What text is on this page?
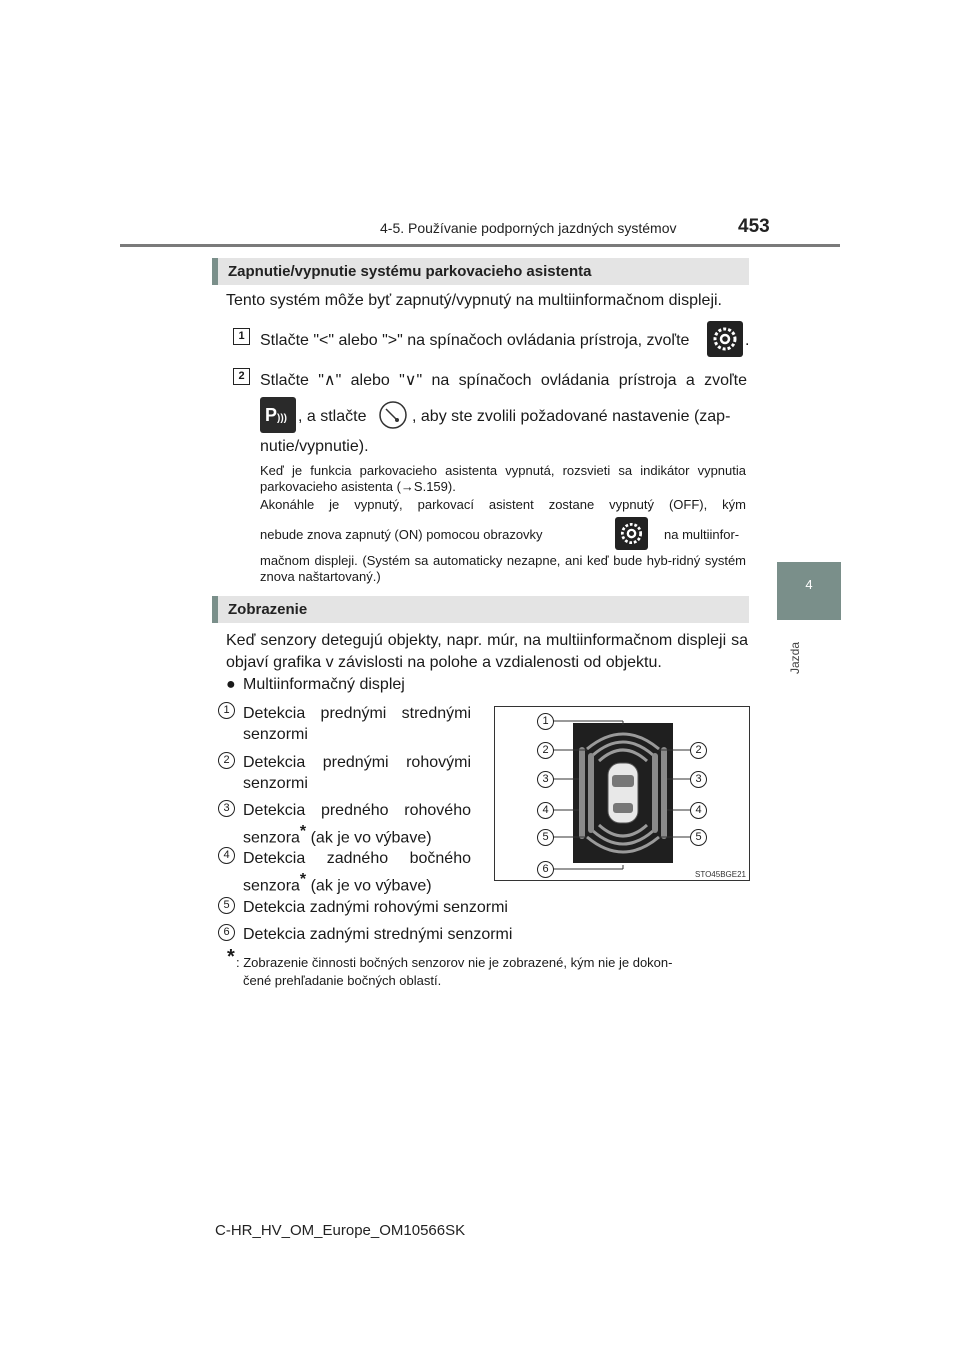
4-5. Používanie podporných jazdných systémov	453
4
Jazda
Zapnutie/vypnutie systému parkovacieho asistenta
Tento systém môže byť zapnutý/vypnutý na multiinformačnom displeji.
1 Stlačte "<" alebo ">" na spínačoch ovládania prístroja, zvoľte	.
2 Stlačte "∧" alebo "∨" na spínačoch ovládania prístroja a zvoľte
P))) , a stlačte	, aby ste zvolili požadované nastavenie (zap-
nutie/vypnutie).
Keď je funkcia parkovacieho asistenta vypnutá, rozsvieti sa indikátor vypnutia parkovacieho asistenta (→S.159).
Akonáhle je vypnutý, parkovací asistent zostane vypnutý (OFF), kým
nebude znova zapnutý (ON) pomocou obrazovky	na multiinfor-
mačnom displeji. (Systém sa automaticky nezapne, ani keď bude hyb-ridný systém znova naštartovaný.)
Zobrazenie
Keď senzory detegujú objekty, napr. múr, na multiinformačnom displeji sa objaví grafika v závislosti na polohe a vzdialenosti od objektu.
● Multiinformačný displej
1 Detekcia prednými strednými
senzormi
2 Detekcia prednými rohovými
senzormi
3 Detekcia predného rohového
senzora* (ak je vo výbave)
4 Detekcia zadného bočného
senzora* (ak je vo výbave)
5 Detekcia zadnými rohovými senzormi
6 Detekcia zadnými strednými senzormi
* : Zobrazenie činnosti bočných senzorov nie je zobrazené, kým nie je dokon-
čené prehľadanie bočných oblastí.
1
2
3
4
5
6
2
3
4
5
STO45BGE21
C-HR_HV_OM_Europe_OM10566SK
